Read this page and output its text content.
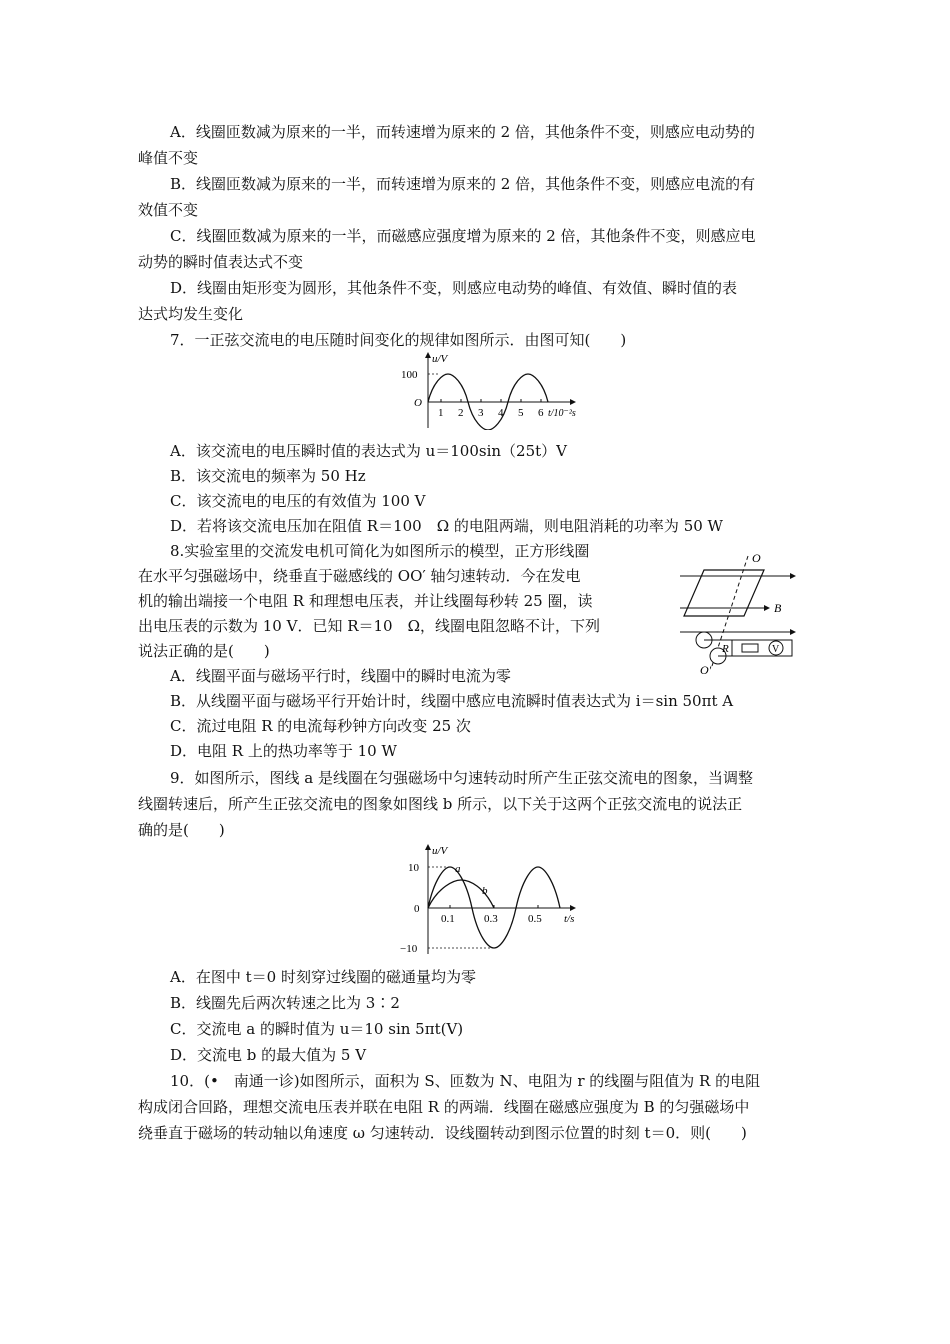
A．线圈匝数减为原来的一半，而转速增为原来的 2 倍，其他条件不变，则感应电动势的
峰值不变
B．线圈匝数减为原来的一半，而转速增为原来的 2 倍，其他条件不变，则感应电流的有
效值不变
C．线圈匝数减为原来的一半，而磁感应强度增为原来的 2 倍，其他条件不变，则感应电
动势的瞬时值表达式不变
D．线圈由矩形变为圆形，其他条件不变，则感应电动势的峰值、有效值、瞬时值的表
达式均发生变化
7．一正弦交流电的电压随时间变化的规律如图所示．由图可知(　　)
u/V
100
O
1 2 3 4 5 6 t/10⁻²s
A．该交流电的电压瞬时值的表达式为 u＝100sin（25t）V
B．该交流电的频率为 50 Hz
C．该交流电的电压的有效值为 100 V
D．若将该交流电压加在阻值 R＝100　Ω 的电阻两端，则电阻消耗的功率为 50 W
8.实验室里的交流发电机可简化为如图所示的模型，正方形线圈
在水平匀强磁场中，绕垂直于磁感线的 OO′ 轴匀速转动．今在发电
机的输出端接一个电阻 R 和理想电压表，并让线圈每秒转 25 圈，读
出电压表的示数为 10 V．已知 R＝10　Ω，线圈电阻忽略不计，下列
说法正确的是(　　)
O
O′
B
R	V
A．线圈平面与磁场平行时，线圈中的瞬时电流为零
B．从线圈平面与磁场平行开始计时，线圈中感应电流瞬时值表达式为 i＝sin 50πt A
C．流过电阻 R 的电流每秒钟方向改变 25 次
D．电阻 R 上的热功率等于 10 W
9．如图所示，图线 a 是线圈在匀强磁场中匀速转动时所产生正弦交流电的图象，当调整
线圈转速后，所产生正弦交流电的图象如图线 b 所示，以下关于这两个正弦交流电的说法正
确的是(　　)
u/V
10
0
−10
0.1	0.3	0.5 t/s
a
b
A．在图中 t＝0 时刻穿过线圈的磁通量均为零
B．线圈先后两次转速之比为 3∶2
C．交流电 a 的瞬时值为 u＝10 sin 5πt(V)
D．交流电 b 的最大值为 5 V
10．(•　南通一诊)如图所示，面积为 S、匝数为 N、电阻为 r 的线圈与阻值为 R 的电阻
构成闭合回路，理想交流电压表并联在电阻 R 的两端．线圈在磁感应强度为 B 的匀强磁场中
绕垂直于磁场的转动轴以角速度 ω 匀速转动．设线圈转动到图示位置的时刻 t＝0．则(　　)
